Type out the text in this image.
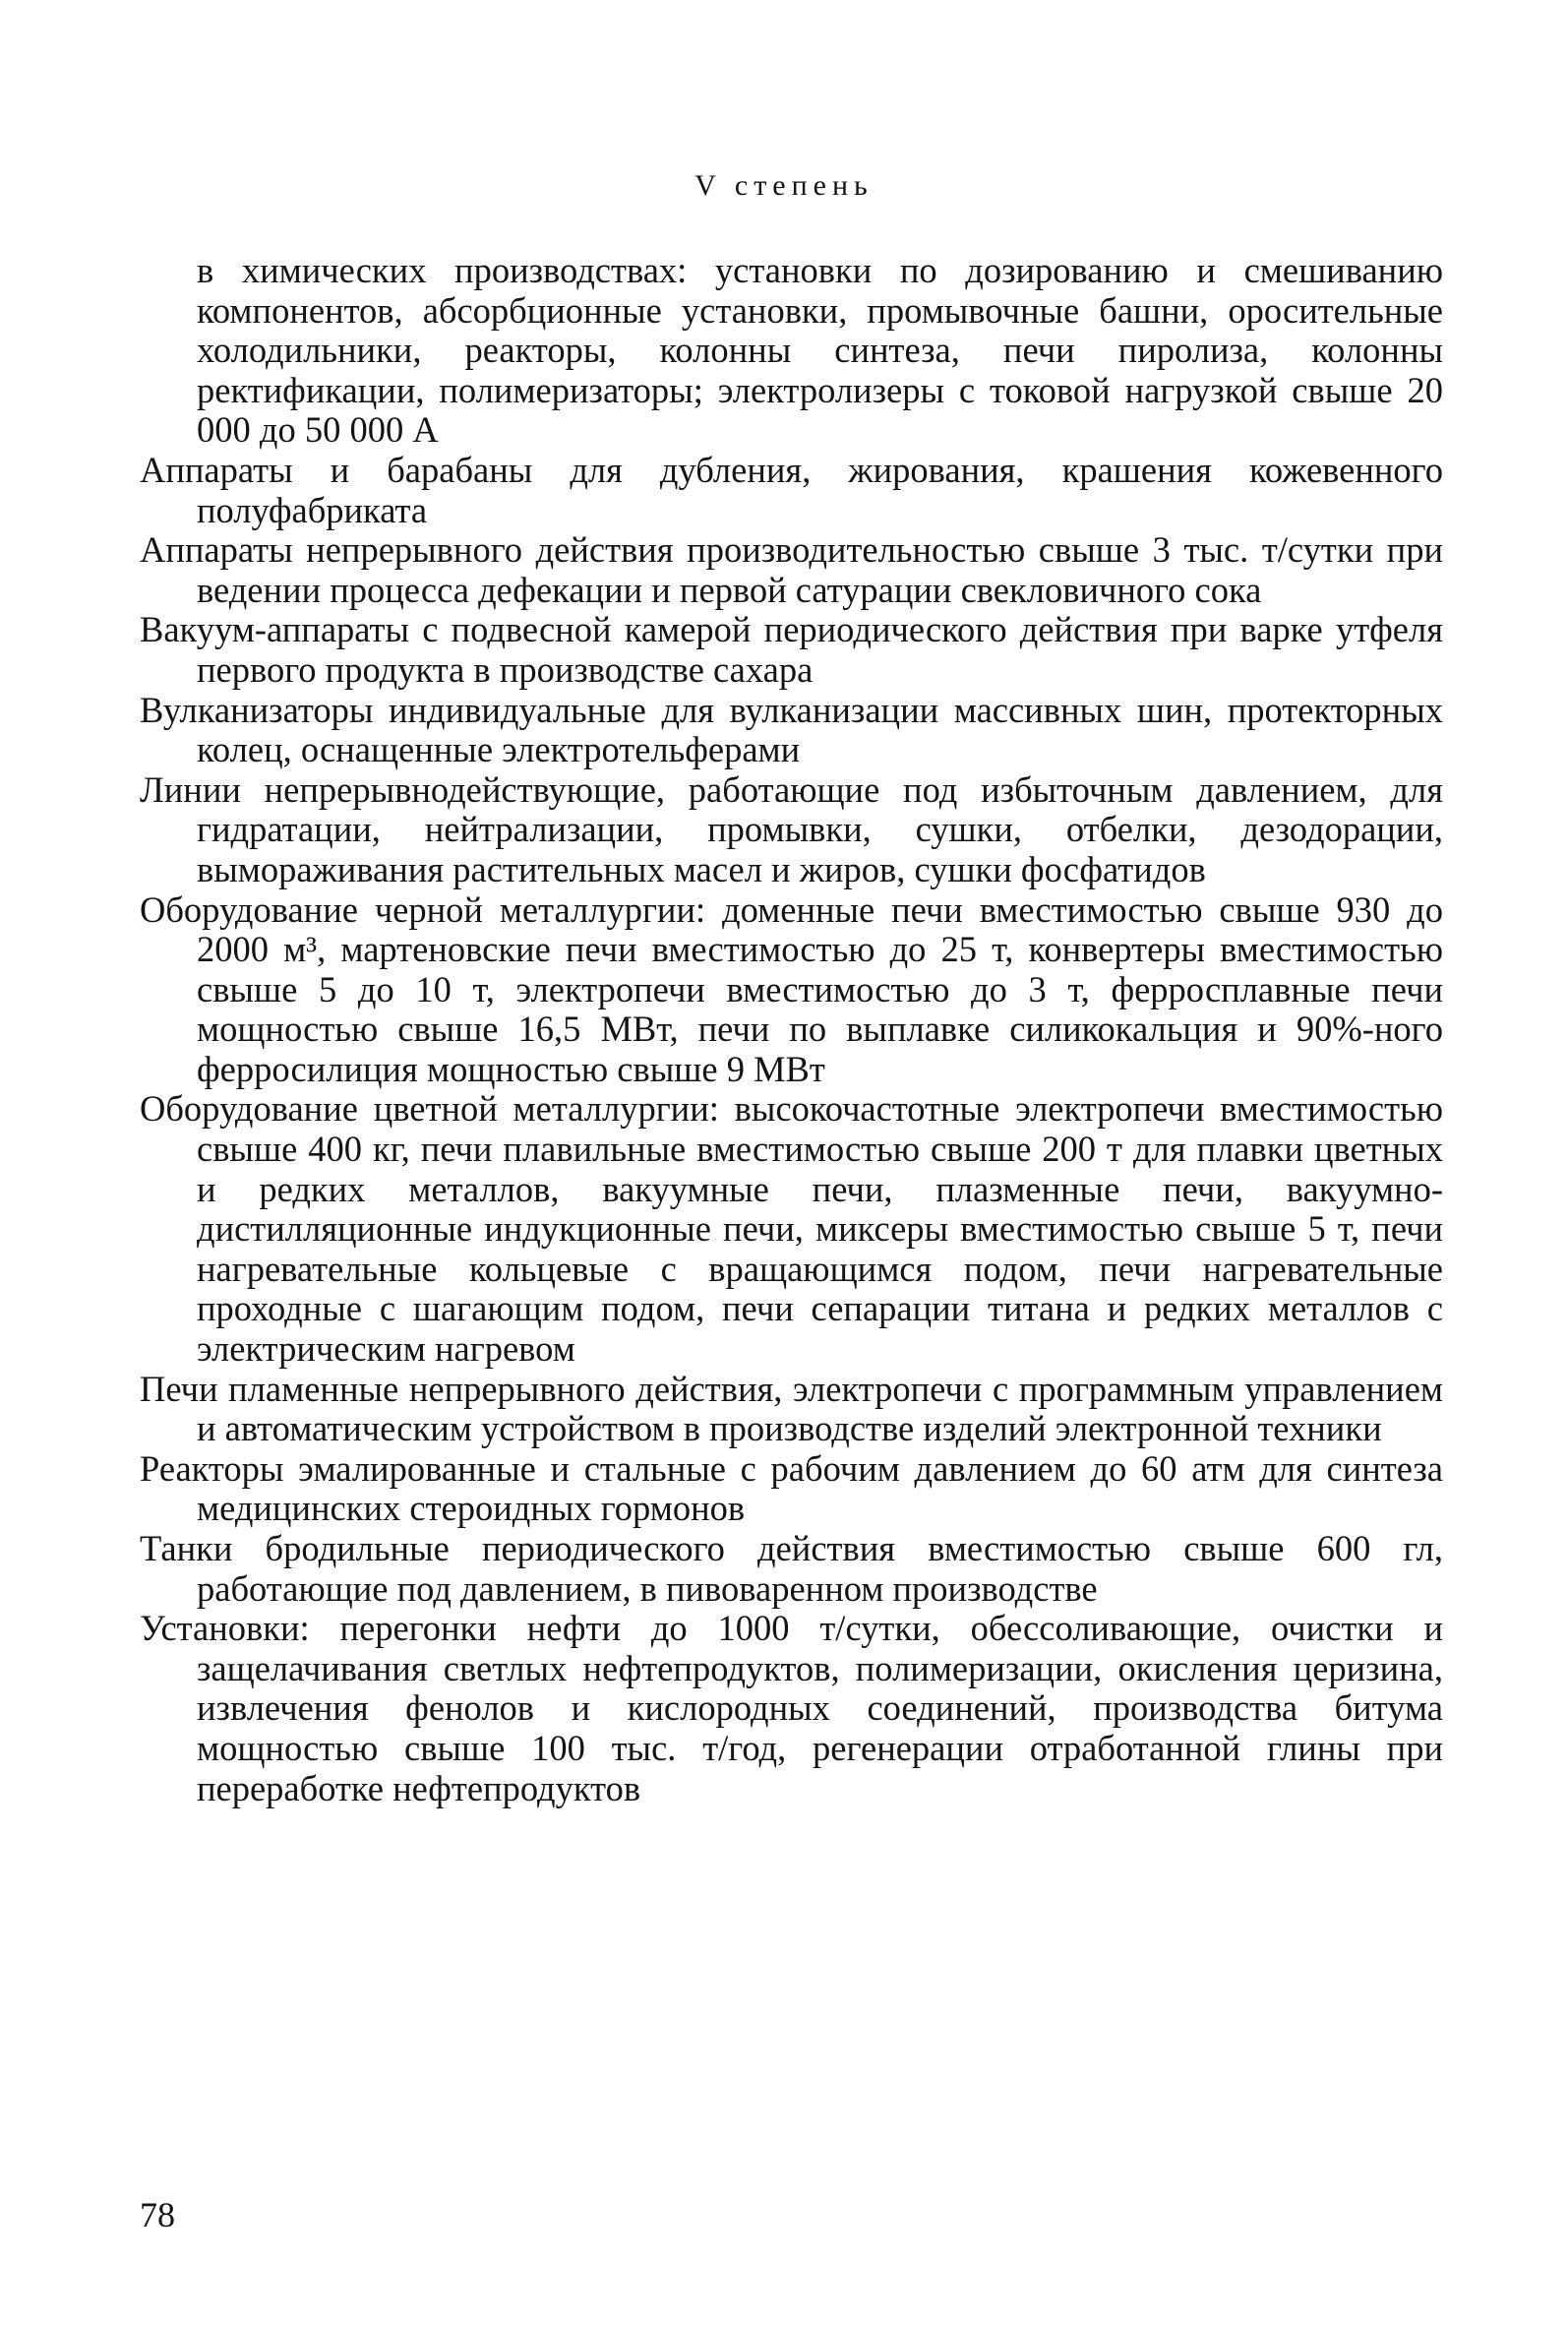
V степень

в химических производствах: установки по дозированию и смешиванию компонентов, абсорбционные установки, промывочные башни, оросительные холодильники, реакторы, колонны синтеза, печи пиролиза, колонны ректификации, полимеризаторы; электролизеры с токовой нагрузкой свыше 20 000 до 50 000 А

Аппараты и барабаны для дубления, жирования, крашения кожевенного полуфабриката

Аппараты непрерывного действия производительностью свыше 3 тыс. т/сутки при ведении процесса дефекации и первой сатурации свекловичного сока

Вакуум-аппараты с подвесной камерой периодического действия при варке утфеля первого продукта в производстве сахара

Вулканизаторы индивидуальные для вулканизации массивных шин, протекторных колец, оснащенные электротельферами

Линии непрерывнодействующие, работающие под избыточным давлением, для гидратации, нейтрализации, промывки, сушки, отбелки, дезодорации, вымораживания растительных масел и жиров, сушки фосфатидов

Оборудование черной металлургии: доменные печи вместимостью свыше 930 до 2000 м³, мартеновские печи вместимостью до 25 т, конвертеры вместимостью свыше 5 до 10 т, электропечи вместимостью до 3 т, ферросплавные печи мощностью свыше 16,5 МВт, печи по выплавке силикокальция и 90%-ного ферросилиция мощностью свыше 9 МВт

Оборудование цветной металлургии: высокочастотные электропечи вместимостью свыше 400 кг, печи плавильные вместимостью свыше 200 т для плавки цветных и редких металлов, вакуумные печи, плазменные печи, вакуумно-дистилляционные индукционные печи, миксеры вместимостью свыше 5 т, печи нагревательные кольцевые с вращающимся подом, печи нагревательные проходные с шагающим подом, печи сепарации титана и редких металлов с электрическим нагревом

Печи пламенные непрерывного действия, электропечи с программным управлением и автоматическим устройством в производстве изделий электронной техники

Реакторы эмалированные и стальные с рабочим давлением до 60 атм для синтеза медицинских стероидных гормонов

Танки бродильные периодического действия вместимостью свыше 600 гл, работающие под давлением, в пивоваренном производстве

Установки: перегонки нефти до 1000 т/сутки, обессоливающие, очистки и защелачивания светлых нефтепродуктов, полимеризации, окисления церизина, извлечения фенолов и кислородных соединений, производства битума мощностью свыше 100 тыс. т/год, регенерации отработанной глины при переработке нефтепродуктов

78
